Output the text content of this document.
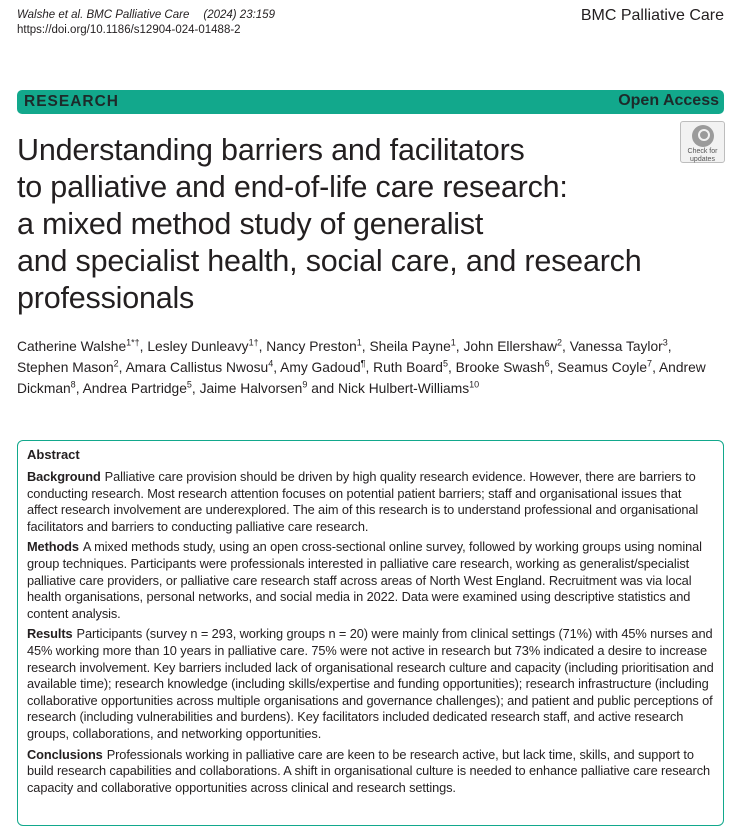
Walshe et al. BMC Palliative Care (2024) 23:159
https://doi.org/10.1186/s12904-024-01488-2
BMC Palliative Care
RESEARCH	Open Access
Check for
updates
Understanding barriers and facilitators
to palliative and end-of-life care research:
a mixed method study of generalist
and specialist health, social care, and research
professionals
Catherine Walshe$^{1*\dagger}$, Lesley Dunleavy$^{1\dagger}$, Nancy Preston$^1$, Sheila Payne$^1$, John Ellershaw$^2$, Vanessa Taylor$^3$, Stephen Mason$^2$, Amara Callistus Nwosu$^4$, Amy Gadoud¶, Ruth Board$^5$, Brooke Swash$^6$, Seamus Coyle$^7$, Andrew Dickman$^8$, Andrea Partridge$^5$, Jaime Halvorsen$^9$ and Nick Hulbert-Williams$^{10}$
Abstract

Background Palliative care provision should be driven by high quality research evidence. However, there are barriers to conducting research. Most research attention focuses on potential patient barriers; staff and organisational issues that affect research involvement are underexplored. The aim of this research is to understand professional and organisational facilitators and barriers to conducting palliative care research.

Methods A mixed methods study, using an open cross-sectional online survey, followed by working groups using nominal group techniques. Participants were professionals interested in palliative care research, working as generalist/specialist palliative care providers, or palliative care research staff across areas of North West England. Recruitment was via local health organisations, personal networks, and social media in 2022. Data were examined using descriptive statistics and content analysis.

Results Participants (survey n = 293, working groups n = 20) were mainly from clinical settings (71%) with 45% nurses and 45% working more than 10 years in palliative care. 75% were not active in research but 73% indicated a desire to increase research involvement. Key barriers included lack of organisational research culture and capacity (including prioritisation and available time); research knowledge (including skills/expertise and funding opportunities); research infrastructure (including collaborative opportunities across multiple organisations and governance challenges); and patient and public perceptions of research (including vulnerabilities and burdens). Key facilitators included dedicated research staff, and active research groups, collaborations, and networking opportunities.

Conclusions Professionals working in palliative care are keen to be research active, but lack time, skills, and support to build research capabilities and collaborations. A shift in organisational culture is needed to enhance palliative care research capacity and collaborative opportunities across clinical and research settings.
